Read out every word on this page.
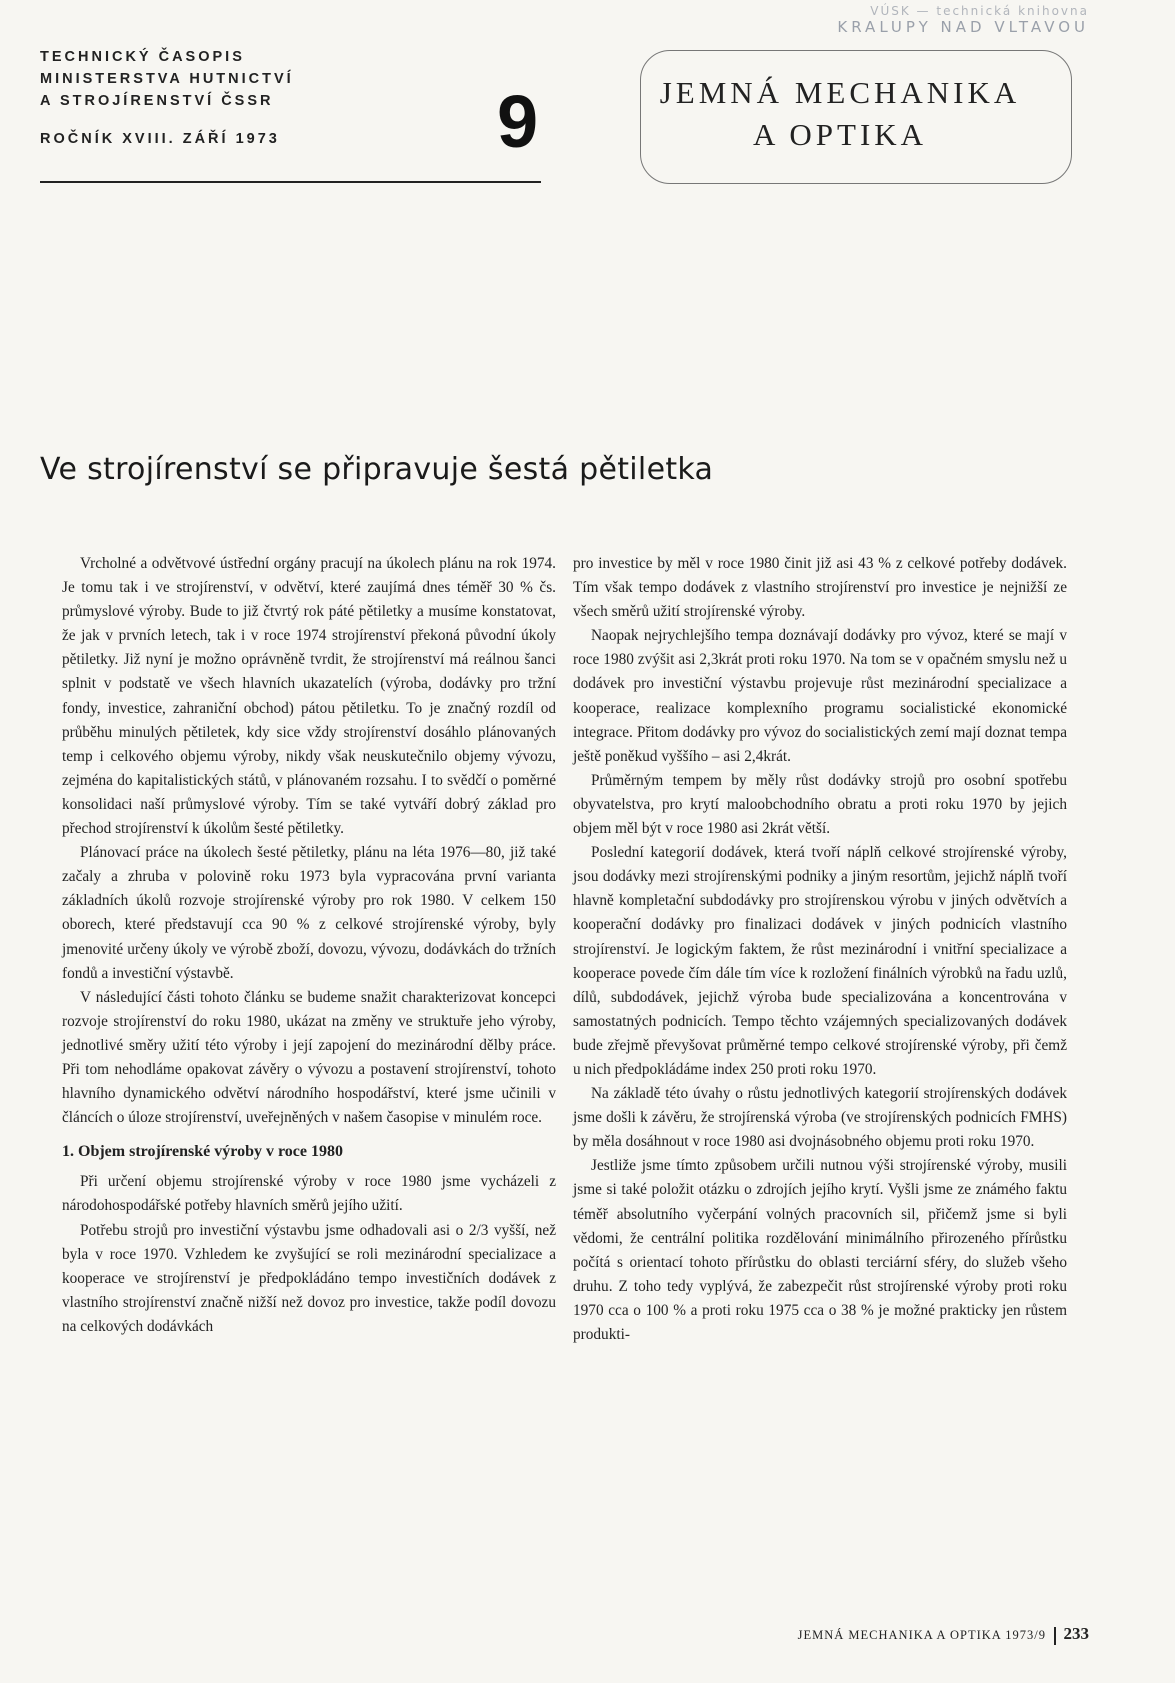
VÚSK — technická knihovna
KRALUPY NAD VLTAVOU
TECHNICKÝ ČASOPIS
MINISTERSTVA HUTNICTVÍ
A STROJÍRENSTVÍ ČSSR
ROČNÍK XVIII. ZÁŘÍ 1973	9	JEMNÁ MECHANIKA
A OPTIKA
Ve strojírenství se připravuje šestá pětiletka

Vrcholné a odvětvové ústřední orgány pracují na úkolech plánu na rok 1974. Je tomu tak i ve strojírenství, v odvětví, které zaujímá dnes téměř 30 % čs. průmyslové výroby. Bude to již čtvrtý rok páté pětiletky a musíme konstatovat, že jak v prvních letech, tak i v roce 1974 strojírenství překoná původní úkoly pětiletky. Již nyní je možno oprávněně tvrdit, že strojírenství má reálnou šanci splnit v podstatě ve všech hlavních ukazatelích (výroba, dodávky pro tržní fondy, investice, zahraniční obchod) pátou pětiletku. To je značný rozdíl od průběhu minulých pětiletek, kdy sice vždy strojírenství dosáhlo plánovaných temp i celkového objemu výroby, nikdy však neuskutečnilo objemy vývozu, zejména do kapitalistických států, v plánovaném rozsahu. I to svědčí o poměrné konsolidaci naší průmyslové výroby. Tím se také vytváří dobrý základ pro přechod strojírenství k úkolům šesté pětiletky.

Plánovací práce na úkolech šesté pětiletky, plánu na léta 1976—80, již také začaly a zhruba v polovině roku 1973 byla vypracována první varianta základních úkolů rozvoje strojírenské výroby pro rok 1980. V celkem 150 oborech, které představují cca 90 % z celkové strojírenské výroby, byly jmenovité určeny úkoly ve výrobě zboží, dovozu, vývozu, dodávkách do tržních fondů a investiční výstavbě.

V následující části tohoto článku se budeme snažit charakterizovat koncepci rozvoje strojírenství do roku 1980, ukázat na změny ve struktuře jeho výroby, jednotlivé směry užití této výroby i její zapojení do mezinárodní dělby práce. Při tom nehodláme opakovat závěry o vývozu a postavení strojírenství, tohoto hlavního dynamického odvětví národního hospodářství, které jsme učinili v článcích o úloze strojírenství, uveřejněných v našem časopise v minulém roce.

1. Objem strojírenské výroby v roce 1980

Při určení objemu strojírenské výroby v roce 1980 jsme vycházeli z národohospodářské potřeby hlavních směrů jejího užití.

Potřebu strojů pro investiční výstavbu jsme odhadovali asi o 2/3 vyšší, než byla v roce 1970. Vzhledem ke zvyšující se roli mezinárodní specializace a kooperace ve strojírenství je předpokládáno tempo investičních dodávek z vlastního strojírenství značně nižší než dovoz pro investice, takže podíl dovozu na celkových dodávkách

pro investice by měl v roce 1980 činit již asi 43 % z celkové potřeby dodávek. Tím však tempo dodávek z vlastního strojírenství pro investice je nejnižší ze všech směrů užití strojírenské výroby.

Naopak nejrychlejšího tempa doznávají dodávky pro vývoz, které se mají v roce 1980 zvýšit asi 2,3krát proti roku 1970. Na tom se v opačném smyslu než u dodávek pro investiční výstavbu projevuje růst mezinárodní specializace a kooperace, realizace komplexního programu socialistické ekonomické integrace. Přitom dodávky pro vývoz do socialistických zemí mají doznat tempa ještě poněkud vyššího – asi 2,4krát.

Průměrným tempem by měly růst dodávky strojů pro osobní spotřebu obyvatelstva, pro krytí maloobchodního obratu a proti roku 1970 by jejich objem měl být v roce 1980 asi 2krát větší.

Poslední kategorií dodávek, která tvoří náplň celkové strojírenské výroby, jsou dodávky mezi strojírenskými podniky a jiným resortům, jejichž náplň tvoří hlavně kompletační subdodávky pro strojírenskou výrobu v jiných odvětvích a kooperační dodávky pro finalizaci dodávek v jiných podnicích vlastního strojírenství. Je logickým faktem, že růst mezinárodní i vnitřní specializace a kooperace povede čím dále tím více k rozložení finálních výrobků na řadu uzlů, dílů, subdodávek, jejichž výroba bude specializována a koncentrována v samostatných podnicích. Tempo těchto vzájemných specializovaných dodávek bude zřejmě převyšovat průměrné tempo celkové strojírenské výroby, při čemž u nich předpokládáme index 250 proti roku 1970.

Na základě této úvahy o růstu jednotlivých kategorií strojírenských dodávek jsme došli k závěru, že strojírenská výroba (ve strojírenských podnicích FMHS) by měla dosáhnout v roce 1980 asi dvojnásobného objemu proti roku 1970.

Jestliže jsme tímto způsobem určili nutnou výši strojírenské výroby, musili jsme si také položit otázku o zdrojích jejího krytí. Vyšli jsme ze známého faktu téměř absolutního vyčerpání volných pracovních sil, přičemž jsme si byli vědomi, že centrální politika rozdělování minimálního přirozeného přírůstku počítá s orientací tohoto přírůstku do oblasti terciární sféry, do služeb všeho druhu. Z toho tedy vyplývá, že zabezpečit růst strojírenské výroby proti roku 1970 cca o 100 % a proti roku 1975 cca o 38 % je možné prakticky jen růstem produkti-

JEMNÁ MECHANIKA A OPTIKA 1973/9 233
